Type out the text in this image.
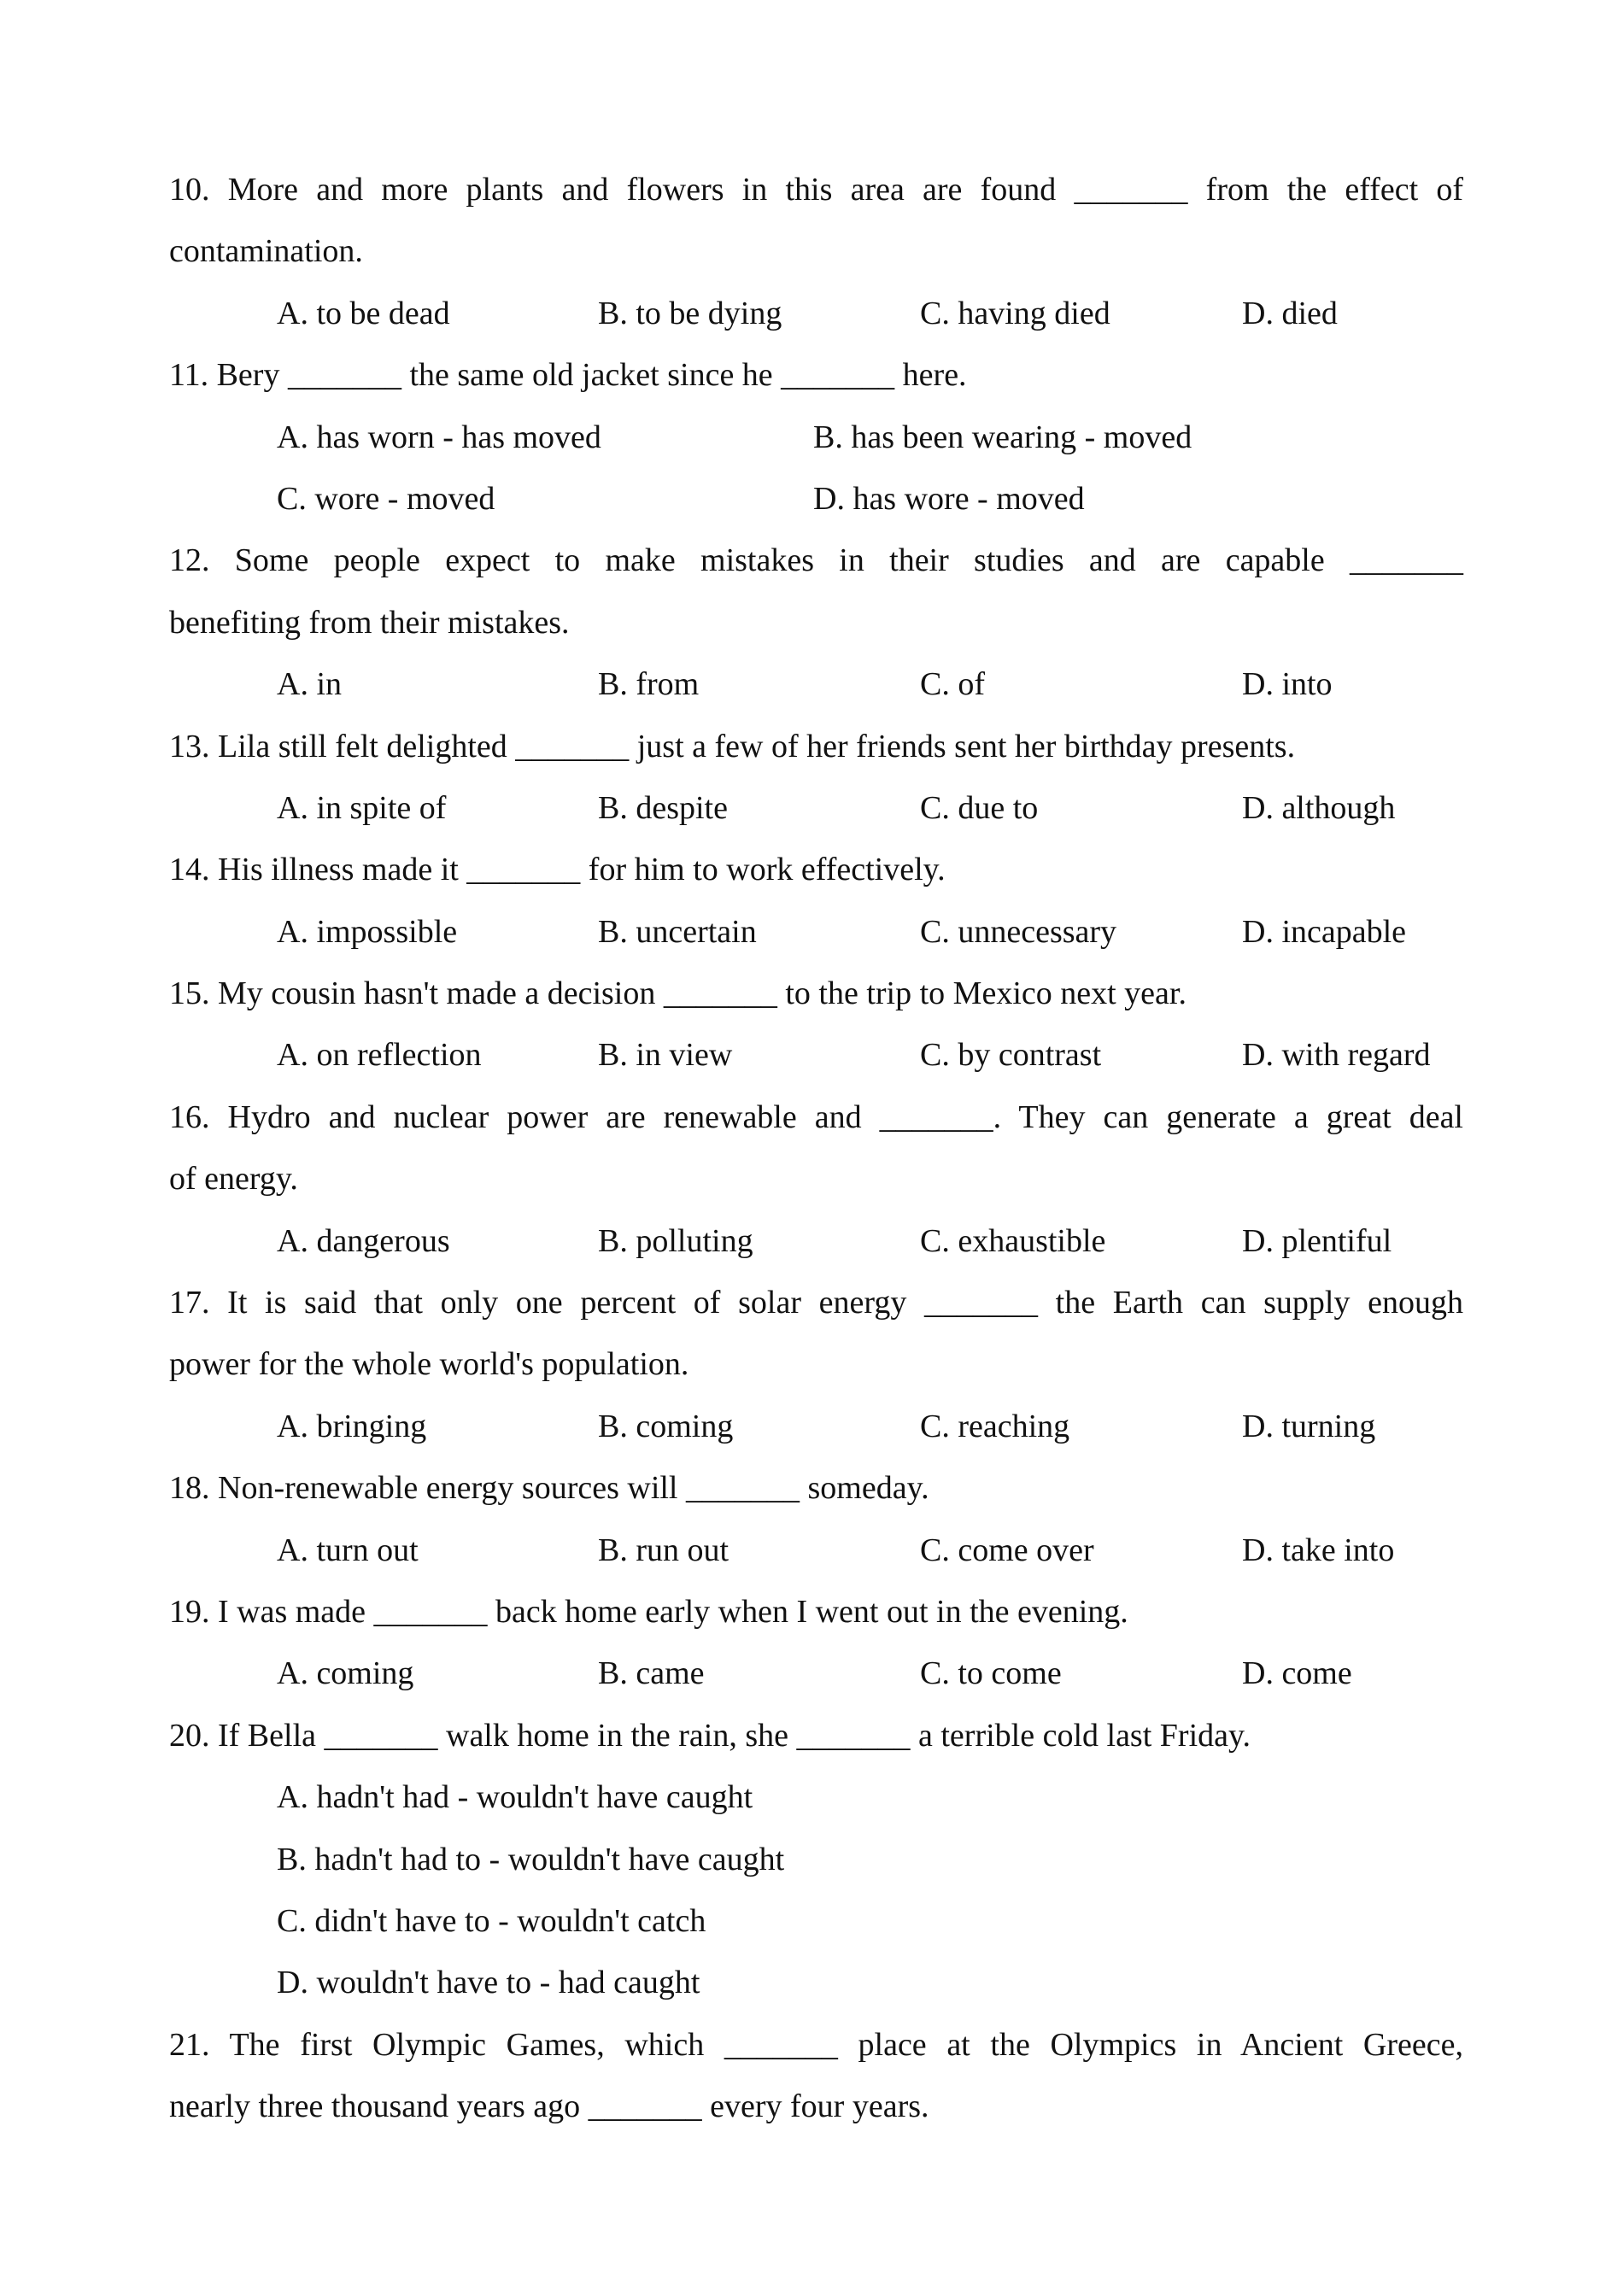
10. More and more plants and flowers in this area are found _______ from the effect of
contamination.
A. to be dead	B. to be dying	C. having died	D. died
11. Bery _______ the same old jacket since he _______ here.
A. has worn - has moved	B. has been wearing - moved
C. wore - moved	D. has wore - moved
12. Some people expect to make mistakes in their studies and are capable _______
benefiting from their mistakes.
A. in	B. from	C. of	D. into
13. Lila still felt delighted _______ just a few of her friends sent her birthday presents.
A. in spite of	B. despite	C. due to	D. although
14. His illness made it _______ for him to work effectively.
A. impossible	B. uncertain	C. unnecessary	D. incapable
15. My cousin hasn't made a decision _______ to the trip to Mexico next year.
A. on reflection	B. in view	C. by contrast	D. with regard
16. Hydro and nuclear power are renewable and _______. They can generate a great deal
of energy.
A. dangerous	B. polluting	C. exhaustible	D. plentiful
17. It is said that only one percent of solar energy _______ the Earth can supply enough
power for the whole world's population.
A. bringing	B. coming	C. reaching	D. turning
18. Non-renewable energy sources will _______ someday.
A. turn out	B. run out	C. come over	D. take into
19. I was made _______ back home early when I went out in the evening.
A. coming	B. came	C. to come	D. come
20. If Bella _______ walk home in the rain, she _______ a terrible cold last Friday.
A. hadn't had - wouldn't have caught
B. hadn't had to - wouldn't have caught
C. didn't have to - wouldn't catch
D. wouldn't have to - had caught
21. The first Olympic Games, which _______ place at the Olympics in Ancient Greece,
nearly three thousand years ago _______ every four years.
